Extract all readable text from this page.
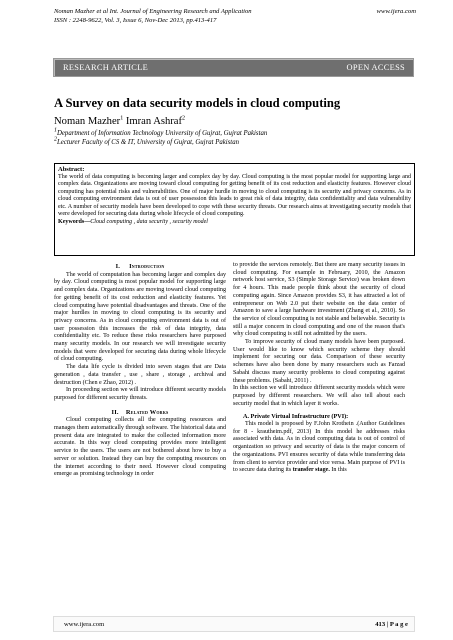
Noman Mazher et al Int. Journal of Engineering Research and Application	www.ijera.com
ISSN : 2248-9622, Vol. 3, Issue 6, Nov-Dec 2013, pp.413-417
RESEARCH ARTICLE	OPEN ACCESS
A Survey on data security models in cloud computing
Noman Mazher$^1$ Imran Ashraf$^2$
$^1$Department of Information Technology University of Gujrat, Gujrat Pakistan
$^2$Lecturer Faculty of CS & IT, University of Gujrat, Gujrat Pakistan
Abstract:
The world of data computing is becoming larger and complex day by day. Cloud computing is the most popular model for supporting large and complex data. Organizations are moving toward cloud computing for getting benefit of its cost reduction and elasticity features. However cloud computing has potential risks and vulnerabilities. One of major hurdle in moving to cloud computing is its security and privacy concerns. As in cloud computing environment data is out of user possession this leads to great risk of data integrity, data confidentiality and data vulnerability etc. A number of security models have been developed to cope with these security threats. Our research aims at investigating security models that were developed for securing data during whole lifecycle of cloud computing.
Keywords—Cloud computing , data security , security model
I. Introduction

The world of computation has becoming larger and complex day by day. Cloud computing is most popular model for supporting large and complex data. Organizations are moving toward cloud computing for getting benefit of its cost reduction and elasticity features. Yet cloud computing have potential disadvantages and threats. One of the major hurdles in moving to cloud computing is its security and privacy concerns. As in cloud computing environment data is out of user possession this increases the risk of data integrity, data confidentiality etc. To reduce these risks researchers have purposed many security models. In our research we will investigate security models that were developed for securing data during whole lifecycle of cloud computing.

The data life cycle is divided into seven stages that are Data generation , data transfer , use , share , storage , archival and destruction (Chen e Zhao, 2012) .

In proceeding section we will introduce different security models purposed for different security threats.

II. Related Works

Cloud computing collects all the computing resources and manages them automatically through software. The historical data and present data are integrated to make the collected information more accurate. In this way cloud computing provides more intelligent service to the users. The users are not bothered about how to buy a server or solution. Instead they can buy the computing resources on the internet according to their need. However cloud computing emerge as promising technology in order

to provide the services remotely. But there are many security issues in cloud computing. For example in February, 2010, the Amazon network host service, S3 (Simple Storage Service) was broken down for 4 hours. This made people think about the security of cloud computing again. Since Amazon provides S3, it has attracted a lot of entrepreneur on Web 2.0 put their website on the data center of Amazon to save a large hardware investment (Zhang et al., 2010). So the service of cloud computing is not stable and believable. Security is still a major concern in cloud computing and one of the reason that's why cloud computing is still not admitted by the users.

To improve security of cloud many models have been purposed. User would like to know which security scheme they should implement for securing our data. Comparison of these security schemes have also been done by many researchers such as Farzad Sabahi discuss many security problems to cloud computing against these problems. (Sabahi, 2011) .

In this section we will introduce different security models which were purposed by different researchers. We will also tell about each security model that in which layer it works.

A. Private Virtual Infrastructure (PVI):

This model is proposed by F.John Krothein .(Author Guidelines for 8 - krautheim.pdf, 2013) In this model he addresses risks associated with data. As in cloud computing data is out of control of organization so privacy and security of data is the major concern of the organizations. PVI ensures security of data while transferring data from client to service provider and vice versa. Main purpose of PVI is to secure data during its transfer stage. In this

www.ijera.com	413 | P a g e
